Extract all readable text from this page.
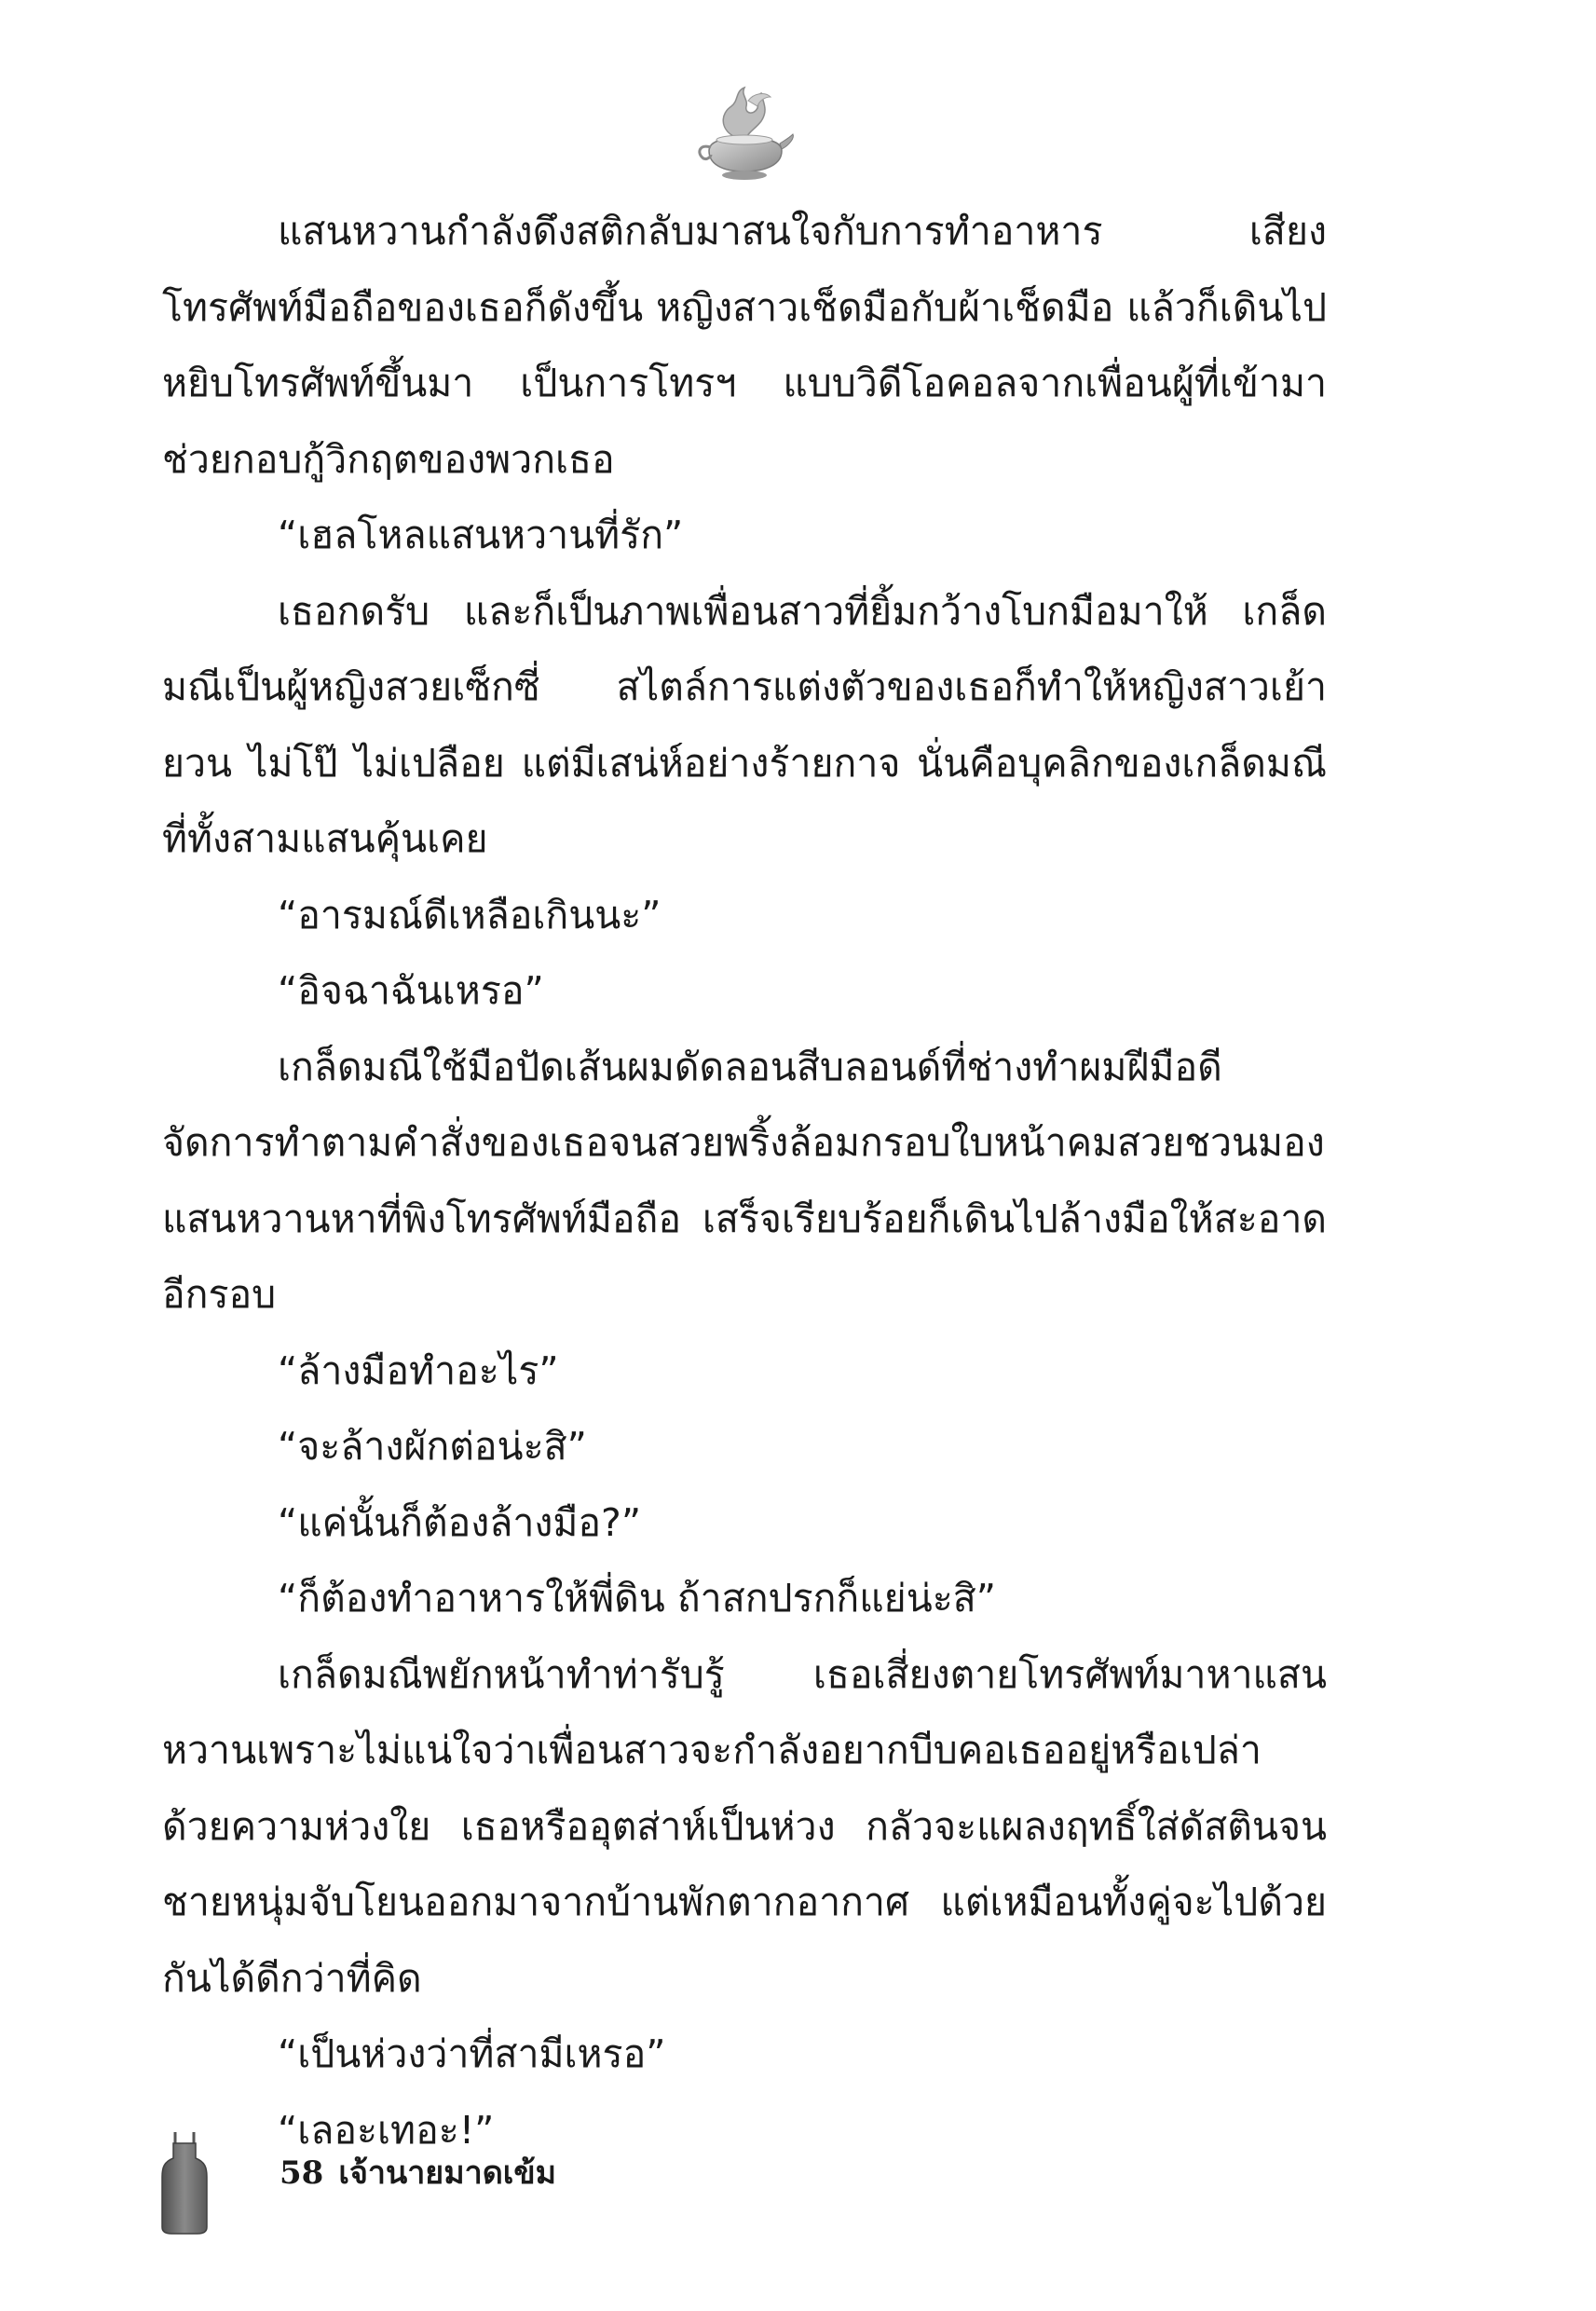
แสนหวานกำลังดึงสติกลับมาสนใจกับการทำอาหาร เสียงโทรศัพท์มือถือของเธอก็ดังขึ้น หญิงสาวเช็ดมือกับผ้าเช็ดมือ แล้วก็เดินไปหยิบโทรศัพท์ขึ้นมา เป็นการโทรฯ แบบวิดีโอคอลจากเพื่อนผู้ที่เข้ามาช่วยกอบกู้วิกฤตของพวกเธอ

“เฮลโหลแสนหวานที่รัก”

เธอกดรับ และก็เป็นภาพเพื่อนสาวที่ยิ้มกว้างโบกมือมาให้ เกล็ดมณีเป็นผู้หญิงสวยเซ็กซี่ สไตล์การแต่งตัวของเธอก็ทำให้หญิงสาวเย้ายวน ไม่โป๊ ไม่เปลือย แต่มีเสน่ห์อย่างร้ายกาจ นั่นคือบุคลิกของเกล็ดมณีที่ทั้งสามแสนคุ้นเคย

“อารมณ์ดีเหลือเกินนะ”

“อิจฉาฉันเหรอ”

เกล็ดมณีใช้มือปัดเส้นผมดัดลอนสีบลอนด์ที่ช่างทำผมฝีมือดีจัดการทำตามคำสั่งของเธอจนสวยพริ้งล้อมกรอบใบหน้าคมสวยชวนมอง แสนหวานหาที่พิงโทรศัพท์มือถือ เสร็จเรียบร้อยก็เดินไปล้างมือให้สะอาดอีกรอบ

“ล้างมือทำอะไร”

“จะล้างผักต่อน่ะสิ”

“แค่นั้นก็ต้องล้างมือ?”

“ก็ต้องทำอาหารให้พี่ดิน ถ้าสกปรกก็แย่น่ะสิ”

เกล็ดมณีพยักหน้าทำท่ารับรู้ เธอเสี่ยงตายโทรศัพท์มาหาแสนหวานเพราะไม่แน่ใจว่าเพื่อนสาวจะกำลังอยากบีบคอเธออยู่หรือเปล่าด้วยความห่วงใย เธอหรืออุตส่าห์เป็นห่วง กลัวจะแผลงฤทธิ์ใส่ดัสตินจนชายหนุ่มจับโยนออกมาจากบ้านพักตากอากาศ แต่เหมือนทั้งคู่จะไปด้วยกันได้ดีกว่าที่คิด

“เป็นห่วงว่าที่สามีเหรอ”

“เลอะเทอะ!”

58 เจ้านายมาดเข้ม
